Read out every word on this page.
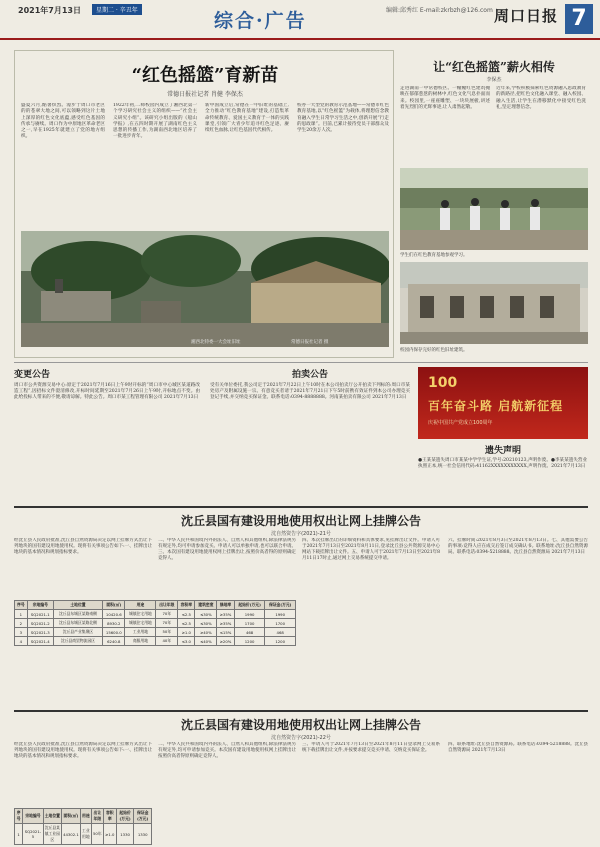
2021年7月13日	星期二 · 辛丑年	综合·广告	编辑:邱秀红 E-mail:zkrbzh@126.com 周口日报 7
“红色摇篮”育新苗
常德日报社记者 肖健 李保杰
盛夏六月,酷暑炽烈。漫步于周口市老区的的苍翠大地之间,可以领略到这片土地上深厚的红色文化底蕴,感受红色基因的传承与赓续。周口作为中原地区革命老区之一,早在1925年就建立了党的地方组织。
1922年初,二师校园内成立了湘西北第一个学习研究社会主义的组织——“社会主义研究小组”。该研究小组出版的《船山学报》,在五四时期开展了湖南红色主义思想的传播工作,为湖南西北地区培养了一批进步青年。
新中国成立后,常德在一中旧址的基础上,全力推动“红色教育基地”建设,打造集革命传统教育、爱国主义教育于一体的实践课堂,引领广大青少年追寻红色足迹、赓续红色血脉,让红色基因代代相传。
校办一大型党的教育示范基地——常德市红色教育基地,以“红色摇篮”为载体,将理想信念教育融入学生日常学习生活之中,创新开展“行走的思政课”。目前,已累计接待党员干部群众及学生20余万人次。
湘西北特委一大会址旧址	常德日报社记者 摄
让“红色摇篮”薪火相传
李保杰
走进湖南一中常德校区。一幢幢红色建筑掩映在郁郁葱葱的树林中,红色文化气息扑面而来。校园里,一座座雕塑、一块块展板,讲述着先烈们的光辉事迹,让人肃然起敬。
近年来,学校积极探索红色资源融入思政教育的新路径,把红色文化融入课堂、融入校园、融入生活,让学生在潜移默化中接受红色洗礼,坚定理想信念。
学生们在红色教育基地参观学习。
校园内保存完好的红色旧址建筑。
变更公告

周口市公共资源交易中心:原定于2021年7月16日上午9时开标的“周口市中心城区某道路改造工程”,因招标文件澄清修改,开标时间延期至2021年7月26日上午9时,开标地点不变。由此给投标人带来的不便,敬请谅解。特此公告。周口市某工程管理有限公司 2021年7月13日

拍卖公告

受有关单位委托,我公司定于2021年7月22日上午10时在本公司拍卖厅公开拍卖下列标的:周口市某处房产及附属设施一宗。有意竞买者请于2021年7月21日下午5时前携有效证件到本公司办理竞买登记手续,并交纳竞买保证金。联系电话:0394-8888888。河南某拍卖有限公司 2021年7月13日

100
百年奋斗路 启航新征程
庆祝中国共产党成立100周年
遗失声明

●王某某遗失周口市某某中学学生证,学号:20210123,声明作废。●李某某遗失营业执照正本,统一社会信用代码:41162XXXXXXXXXXX,声明作废。2021年7月13日

沈丘县国有建设用地使用权出让网上挂牌公告
沈自然资告字(2021)-21号
经沈丘县人民政府批准,沈丘县自然资源局决定以网上挂牌方式出让下列地块的国有建设用地使用权。现将有关事项公告如下:一、挂牌出让地块的基本情况和规划指标要求。
二、中华人民共和国境内外的法人、自然人和其他组织,除法律法规另有规定外,均可申请参加竞买。申请人可以单独申请,也可以联合申请。三、本次国有建设用地使用权网上挂牌出让,按照价高者得的原则确定竞得人。
四、本次挂牌出让的详细资料和具体要求,见挂牌出让文件。申请人可于2021年7月13日至2021年8月11日,登录沈丘县公共资源交易中心网站下载挂牌出让文件。五、申请人可于2021年7月13日至2021年8月11日17时止,通过网上交易系统提交申请。
六、挂牌时间:2021年8月3日至2021年8月13日。七、其他需要公告的事项:竞得人应在成交后签订成交确认书。联系地址:沈丘县自然资源局。联系电话:0394-5218888。沈丘县自然资源局 2021年7月13日
序号	宗地编号	土地位置	面积(㎡)	用途	出让年限	容积率	建筑密度	绿地率	起始价(万元)	保证金(万元)
1	SQ2021-1	沈丘县东城区某路南侧	10420.6	城镇住宅用地	70年	≤2.5	≤30%	≥35%	1990	1990
2	SQ2021-2	沈丘县东城区某路北侧	8930.2	城镇住宅用地	70年	≤2.5	≤30%	≥35%	1700	1700
3	SQ2021-3	沈丘县产业集聚区	15600.0	工业用地	50年	≥1.0	≥40%	≤15%	468	468
4	SQ2021-4	沈丘县商贸物流园区	6240.8	商服用地	40年	≤3.0	≤40%	≥20%	1200	1200
沈丘县国有建设用地使用权出让网上挂牌公告
沈自然资告字(2021)-22号
经沈丘县人民政府批准,沈丘县自然资源局决定以网上挂牌方式出让下列地块的国有建设用地使用权。现将有关事项公告如下:一、挂牌出让地块的基本情况和规划指标要求。
二、中华人民共和国境内外的法人、自然人和其他组织,除法律法规另有规定外,均可申请参加竞买。本次国有建设用地使用权网上挂牌出让按照价高者得原则确定竞得人。
三、申请人可于2021年7月13日至2021年8月11日登录网上交易系统下载挂牌出让文件,并按要求提交竞买申请、交纳竞买保证金。
四、联系地址:沈丘县自然资源局。联系电话:0394-5218888。沈丘县自然资源局 2021年7月13日
序号	宗地编号	土地位置	面积(㎡)	用途	出让年限	容积率	起始价(万元)	保证金(万元)
1	SQ2021-5	沈丘县某镇工业园区	44302.1	工业用地	50年	≥1.0	1330	1330
